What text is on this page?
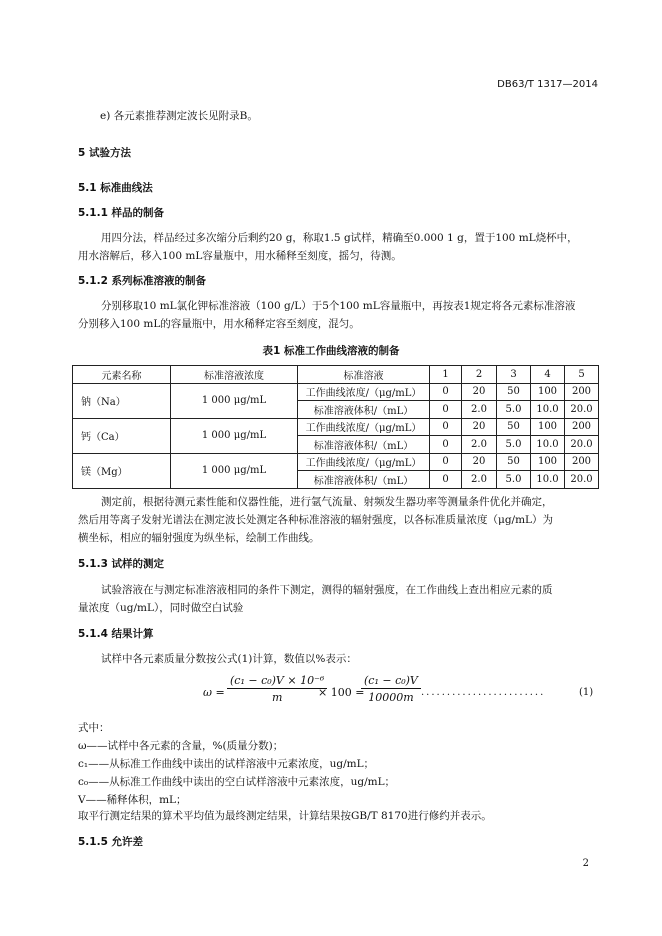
DB63/T 1317—2014
e) 各元素推荐测定波长见附录B。
5 试验方法
5.1 标准曲线法
5.1.1 样品的制备
用四分法，样品经过多次缩分后剩约20 g，称取1.5 g试样，精确至0.000 1 g，置于100 mL烧杯中，
用水溶解后，移入100 mL容量瓶中，用水稀释至刻度，摇匀，待测。
5.1.2 系列标准溶液的制备
分别移取10 mL氯化钾标准溶液（100 g/L）于5个100 mL容量瓶中，再按表1规定将各元素标准溶液
分别移入100 mL的容量瓶中，用水稀释定容至刻度，混匀。
表1 标准工作曲线溶液的制备
元素名称	标准溶液浓度	标准溶液	1	2	3	4	5
钠（Na）	1 000 μg/mL	工作曲线浓度/（μg/mL）	0	20	50	100	200
		标准溶液体积/（mL）	0	2.0	5.0	10.0	20.0
钙（Ca）	1 000 μg/mL	工作曲线浓度/（μg/mL）	0	20	50	100	200
		标准溶液体积/（mL）	0	2.0	5.0	10.0	20.0
镁（Mg）	1 000 μg/mL	工作曲线浓度/（μg/mL）	0	20	50	100	200
		标准溶液体积/（mL）	0	2.0	5.0	10.0	20.0
测定前，根据待测元素性能和仪器性能，进行氩气流量、射频发生器功率等测量条件优化并确定，
然后用等离子发射光谱法在测定波长处测定各种标准溶液的辐射强度，以各标准质量浓度（μg/mL）为
横坐标，相应的辐射强度为纵坐标，绘制工作曲线。
5.1.3 试样的测定
试验溶液在与测定标准溶液相同的条件下测定，测得的辐射强度，在工作曲线上查出相应元素的质
量浓度（ug/mL），同时做空白试验
5.1.4 结果计算
试样中各元素质量分数按公式(1)计算，数值以%表示：
$\omega = \frac{\text{(c₁ − c₀)V × 10⁻⁶}}{m}$
× 100 =
$\frac{\text{(c₁ − c₀)V}}{10000m}$ ........................	(1)
式中：
ω——试样中各元素的含量，%(质量分数)；
c₁——从标准工作曲线中读出的试样溶液中元素浓度，ug/mL；
c₀——从标准工作曲线中读出的空白试样溶液中元素浓度，ug/mL；
V——稀释体积，mL；
取平行测定结果的算术平均值为最终测定结果，计算结果按GB/T 8170进行修约并表示。
5.1.5 允许差
2
